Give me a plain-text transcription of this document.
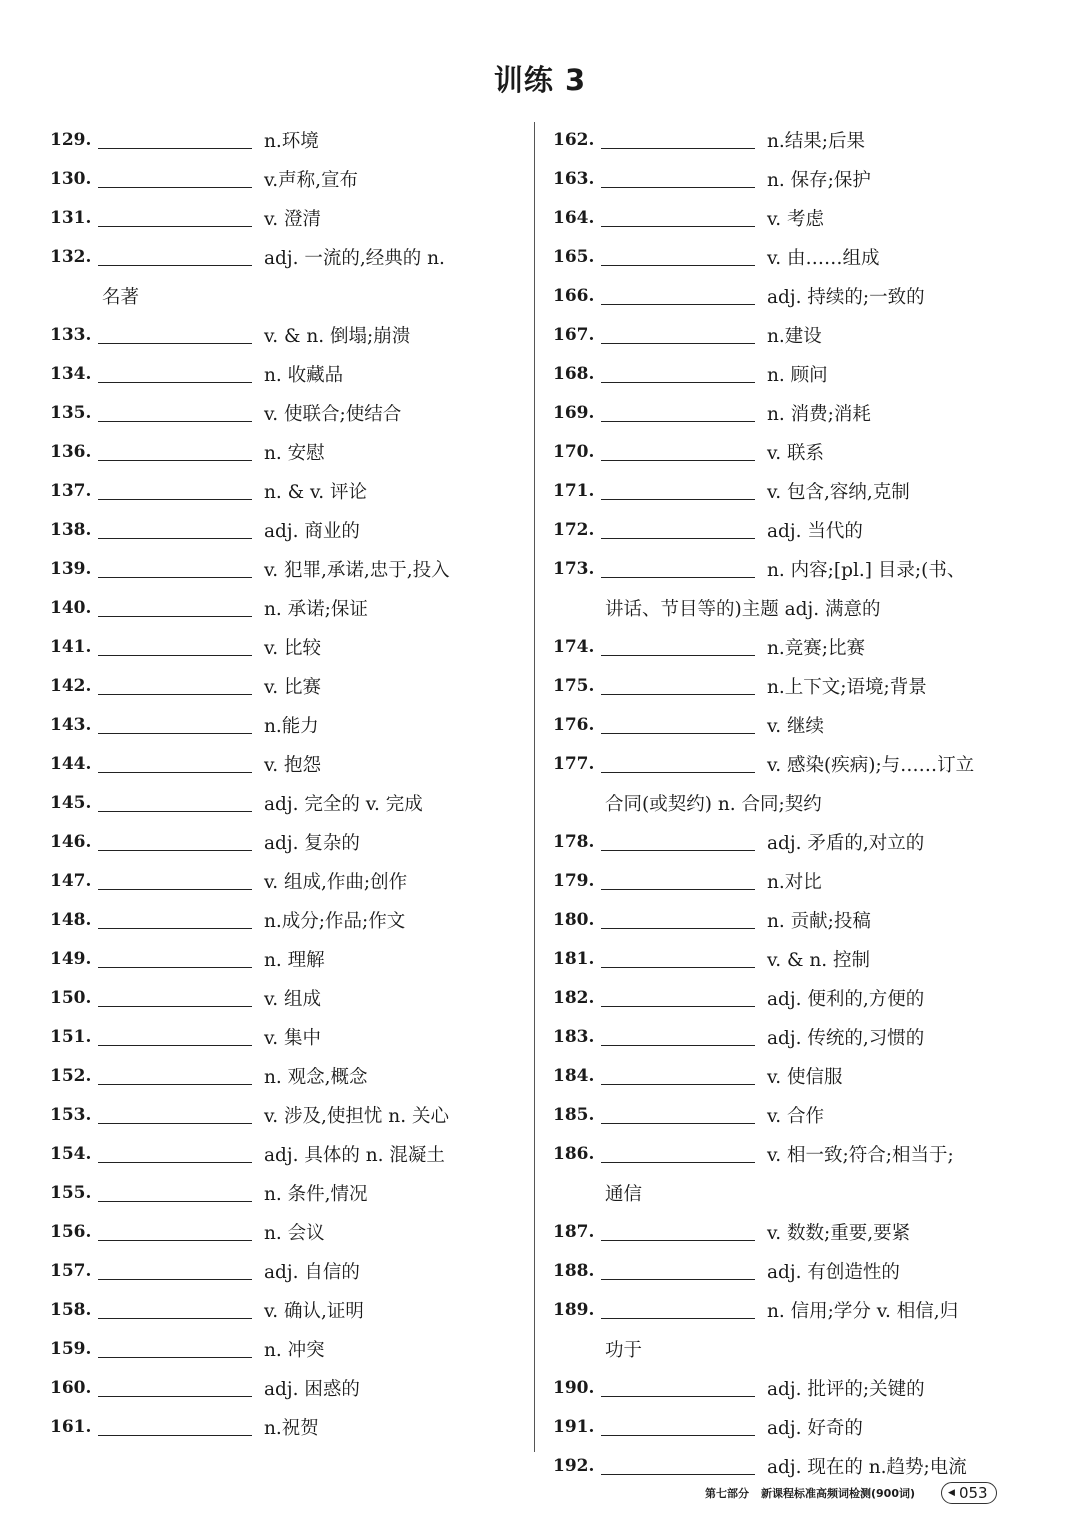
训练 3
129.	n.环境
130.	v.声称,宣布
131.	v. 澄清
132.	adj. 一流的,经典的 n.
名著
133.	v. & n. 倒塌;崩溃
134.	n. 收藏品
135.	v. 使联合;使结合
136.	n. 安慰
137.	n. & v. 评论
138.	adj. 商业的
139.	v. 犯罪,承诺,忠于,投入
140.	n. 承诺;保证
141.	v. 比较
142.	v. 比赛
143.	n.能力
144.	v. 抱怨
145.	adj. 完全的 v. 完成
146.	adj. 复杂的
147.	v. 组成,作曲;创作
148.	n.成分;作品;作文
149.	n. 理解
150.	v. 组成
151.	v. 集中
152.	n. 观念,概念
153.	v. 涉及,使担忧 n. 关心
154.	adj. 具体的 n. 混凝土
155.	n. 条件,情况
156.	n. 会议
157.	adj. 自信的
158.	v. 确认,证明
159.	n. 冲突
160.	adj. 困惑的
161.	n.祝贺
162.	n.结果;后果
163.	n. 保存;保护
164.	v. 考虑
165.	v. 由……组成
166.	adj. 持续的;一致的
167.	n.建设
168.	n. 顾问
169.	n. 消费;消耗
170.	v. 联系
171.	v. 包含,容纳,克制
172.	adj. 当代的
173.	n. 内容;[pl.] 目录;(书、
讲话、节目等的)主题 adj. 满意的
174.	n.竞赛;比赛
175.	n.上下文;语境;背景
176.	v. 继续
177.	v. 感染(疾病);与……订立
合同(或契约) n. 合同;契约
178.	adj. 矛盾的,对立的
179.	n.对比
180.	n. 贡献;投稿
181.	v. & n. 控制
182.	adj. 便利的,方便的
183.	adj. 传统的,习惯的
184.	v. 使信服
185.	v. 合作
186.	v. 相一致;符合;相当于;
通信
187.	v. 数数;重要,要紧
188.	adj. 有创造性的
189.	n. 信用;学分 v. 相信,归
功于
190.	adj. 批评的;关键的
191.	adj. 好奇的
192.	adj. 现在的 n.趋势;电流
第七部分 新课程标准高频词检测(900词)	◀ 053
